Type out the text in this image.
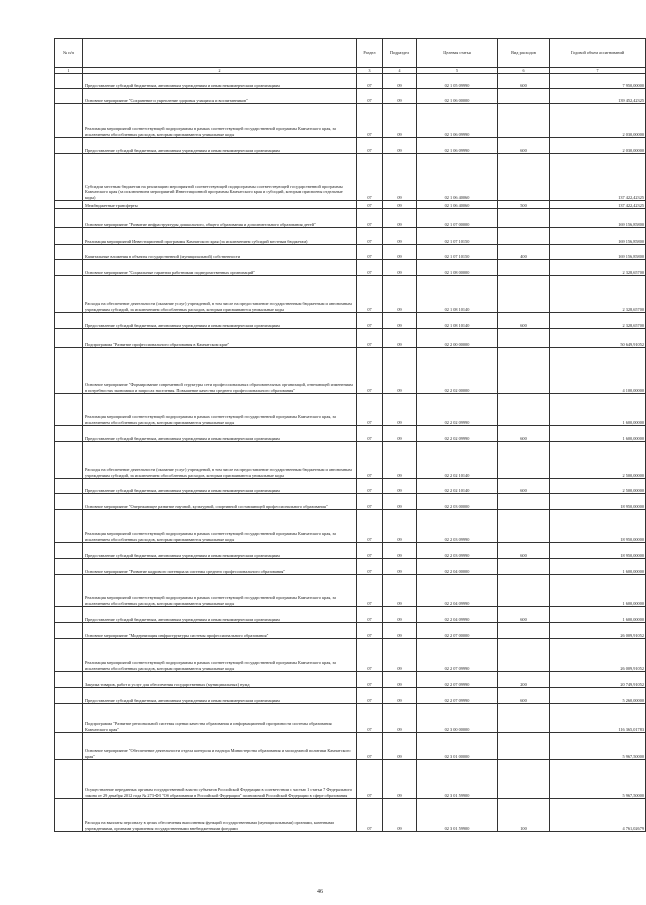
№ п/п		Раздел	Подраздел	Целевая статья	Вид расходов	Годовой объем ассигнований
1	2	3	4	5	6	7
	Предоставление субсидий бюджетным, автономным учреждениям и иным некоммерческим организациям	07	09	02 1 05 09990	600	7 950,00000
	Основное мероприятие "Сохранение и укрепление здоровья учащихся и воспитанников"	07	09	02 1 06 00000		139 452,42325
	Реализация мероприятий соответствующей подпрограммы в рамках соответствующей государственной программы Камчатского края, за исключением обособленных расходов, которым присваиваются уникальные коды	07	09	02 1 06 09990		2 030,00000
	Предоставление субсидий бюджетным, автономным учреждениям и иным некоммерческим организациям	07	09	02 1 06 09990	600	2 030,00000
	Субсидии местным бюджетам на реализацию мероприятий соответствующей подпрограммы соответствующей государственной программы Камчатского края (за исключением мероприятий Инвестиционной программы Камчатского края и субсидий, которым присвоены отдельные коды)	07	09	02 1 06 40060		137 422,42325
	Межбюджетные трансферты	07	09	02 1 06 40060	500	137 422,42325
	Основное мероприятие "Развитие инфраструктуры дошкольного, общего образования и дополнительного образования детей"	07	09	02 1 07 00000		169 156,85800
	Реализация мероприятий Инвестиционной программы Камчатского края (за исключением субсидий местным бюджетам)	07	09	02 1 07 10150		169 156,85800
	Капитальные вложения в объекты государственной (муниципальной) собственности	07	09	02 1 07 10150	400	169 156,85800
	Основное мероприятие "Социальные гарантии работникам подведомственных организаций"	07	09	02 1 08 00000		2 328,65700
	Расходы на обеспечение деятельности (оказание услуг) учреждений, в том числе на предоставление государственным бюджетным и автономным учреждениям субсидий, за исключением обособленных расходов, которым присваиваются уникальные коды	07	09	02 1 08 10140		2 328,65700
	Предоставление субсидий бюджетным, автономным учреждениям и иным некоммерческим организациям	07	09	02 1 08 10140	600	2 328,65700
	Подпрограмма "Развитие профессионального образования в Камчатском крае"	07	09	02 2 00 00000		50 649,91052
	Основное мероприятие "Формирование современной структуры сети профессиональных образовательных организаций, отвечающей изменениям в потребностях экономики и запросах населения. Повышение качества среднего профессионального образования"	07	09	02 2 02 00000		4 100,00000
	Реализация мероприятий соответствующей подпрограммы в рамках соответствующей государственной программы Камчатского края, за исключением обособленных расходов, которым присваиваются уникальные коды	07	09	02 2 02 09990		1 600,00000
	Предоставление субсидий бюджетным, автономным учреждениям и иным некоммерческим организациям	07	09	02 2 02 09990	600	1 600,00000
	Расходы на обеспечение деятельности (оказание услуг) учреждений, в том числе на предоставление государственным бюджетным и автономным учреждениям субсидий, за исключением обособленных расходов, которым присваиваются уникальные коды	07	09	02 2 02 10140		2 500,00000
	Предоставление субсидий бюджетным, автономным учреждениям и иным некоммерческим организациям	07	09	02 2 02 10140	600	2 500,00000
	Основное мероприятие "Опережающее развитие научной, культурной, спортивной составляющей профессионального образования"	07	09	02 2 03 00000		18 950,00000
	Реализация мероприятий соответствующей подпрограммы в рамках соответствующей государственной программы Камчатского края, за исключением обособленных расходов, которым присваиваются уникальные коды	07	09	02 2 03 09990		18 950,00000
	Предоставление субсидий бюджетным, автономным учреждениям и иным некоммерческим организациям	07	09	02 2 03 09990	600	18 950,00000
	Основное мероприятие "Развитие кадрового потенциала системы среднего профессионального образования"	07	09	02 2 04 00000		1 600,00000
	Реализация мероприятий соответствующей подпрограммы в рамках соответствующей государственной программы Камчатского края, за исключением обособленных расходов, которым присваиваются уникальные коды	07	09	02 2 04 09990		1 600,00000
	Предоставление субсидий бюджетным, автономным учреждениям и иным некоммерческим организациям	07	09	02 2 04 09990	600	1 600,00000
	Основное мероприятие "Модернизация инфраструктуры системы профессионального образования"	07	09	02 2 07 00000		26 009,91052
	Реализация мероприятий соответствующей подпрограммы в рамках соответствующей государственной программы Камчатского края, за исключением обособленных расходов, которым присваиваются уникальные коды	07	09	02 2 07 09990		26 009,91052
	Закупка товаров, работ и услуг для обеспечения государственных (муниципальных) нужд	07	09	02 2 07 09990	200	20 749,91052
	Предоставление субсидий бюджетным, автономным учреждениям и иным некоммерческим организациям	07	09	02 2 07 09990	600	5 260,00000
	Подпрограмма "Развитие региональной системы оценки качества образования и информационной прозрачности системы образования Камчатского края"	07	09	02 3 00 00000		116 365,01783
	Основное мероприятие "Обеспечение деятельности отдела контроля и надзора Министерства образования и молодежной политики Камчатского края"	07	09	02 3 01 00000		5 967,50000
	Осуществление переданных органам государственной власти субъектов Российской Федерации в соответствии с частью 1 статьи 7 Федерального закона от 29 декабря 2012 года № 273-ФЗ "Об образовании в Российской Федерации" полномочий Российской Федерации в сфере образования	07	09	02 3 01 59900		5 967,50000
	Расходы на выплаты персоналу в целях обеспечения выполнения функций государственными (муниципальными) органами, казенными учреждениями, органами управления государственными внебюджетными фондами	07	09	02 3 01 59900	100	4 761,02679
46
